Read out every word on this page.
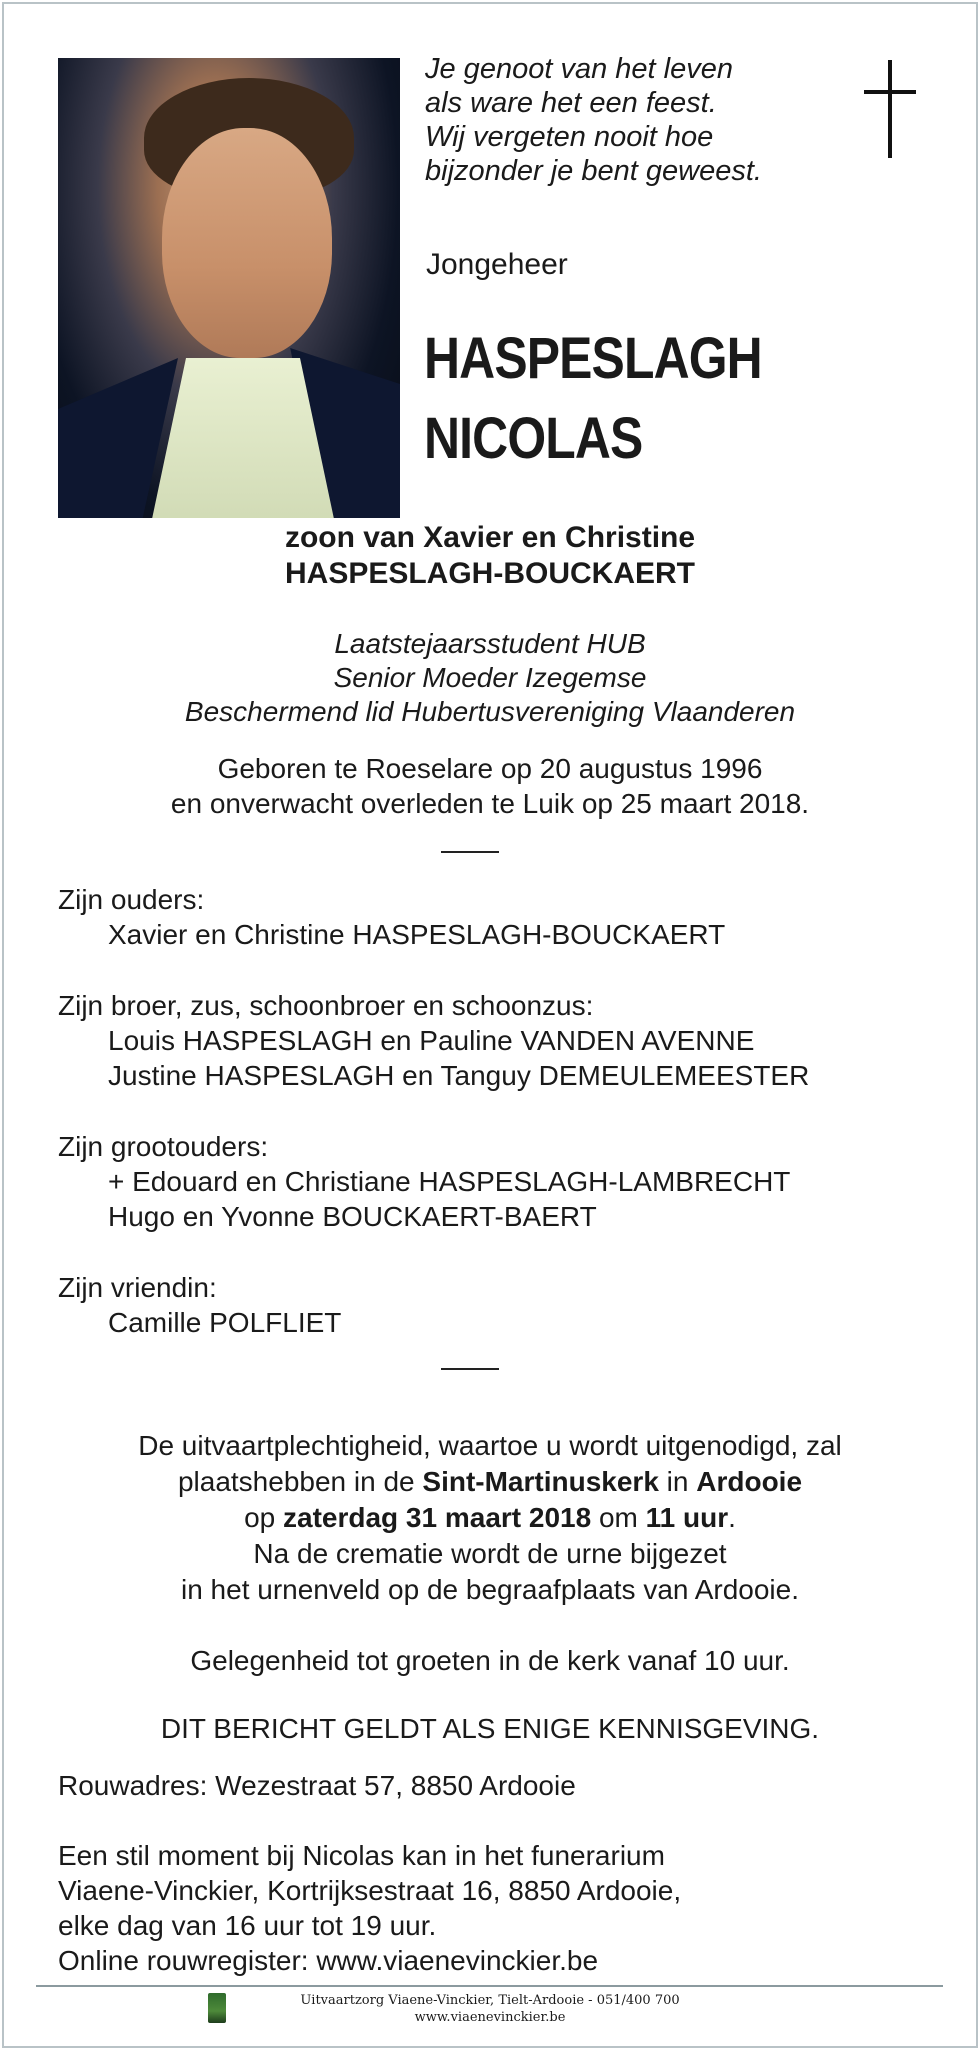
Je genoot van het leven
als ware het een feest.
Wij vergeten nooit hoe
bijzonder je bent geweest.
Jongeheer
HASPESLAGH
NICOLAS
zoon van Xavier en Christine
HASPESLAGH-BOUCKAERT
Laatstejaarsstudent HUB
Senior Moeder Izegemse
Beschermend lid Hubertusvereniging Vlaanderen
Geboren te Roeselare op 20 augustus 1996
en onverwacht overleden te Luik op 25 maart 2018.
Zijn ouders:
Xavier en Christine HASPESLAGH-BOUCKAERT
Zijn broer, zus, schoonbroer en schoonzus:
Louis HASPESLAGH en Pauline VANDEN AVENNE
Justine HASPESLAGH en Tanguy DEMEULEMEESTER
Zijn grootouders:
+ Edouard en Christiane HASPESLAGH-LAMBRECHT
Hugo en Yvonne BOUCKAERT-BAERT
Zijn vriendin:
Camille POLFLIET
De uitvaartplechtigheid, waartoe u wordt uitgenodigd, zal
plaatshebben in de Sint-Martinuskerk in Ardooie
op zaterdag 31 maart 2018 om 11 uur.
Na de crematie wordt de urne bijgezet
in het urnenveld op de begraafplaats van Ardooie.
Gelegenheid tot groeten in de kerk vanaf 10 uur.
DIT BERICHT GELDT ALS ENIGE KENNISGEVING.
Rouwadres: Wezestraat 57, 8850 Ardooie
Een stil moment bij Nicolas kan in het funerarium
Viaene-Vinckier, Kortrijksestraat 16, 8850 Ardooie,
elke dag van 16 uur tot 19 uur.
Online rouwregister: www.viaenevinckier.be
Uitvaartzorg Viaene-Vinckier, Tielt-Ardooie - 051/400 700
www.viaenevinckier.be
